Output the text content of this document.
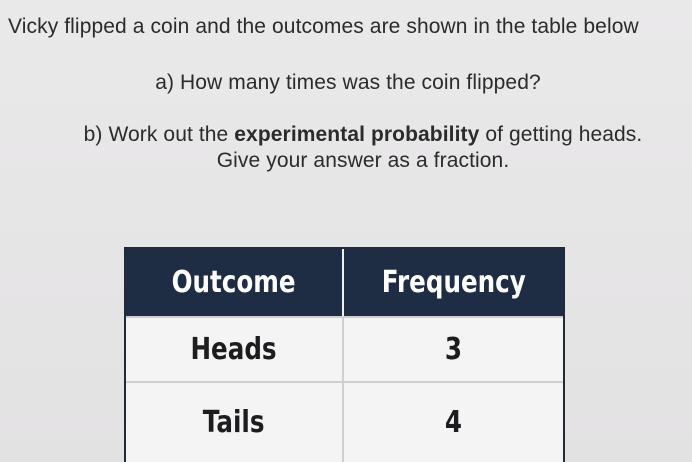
Vicky flipped a coin and the outcomes are shown in the table below
a) How many times was the coin flipped?
b) Work out the experimental probability of getting heads.
Give your answer as a fraction.
Outcome	Frequency
Heads	3
Tails	4
